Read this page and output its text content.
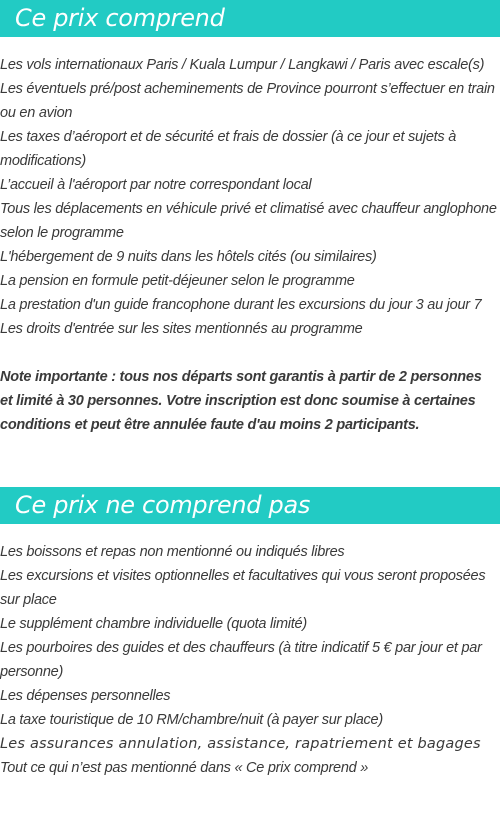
Ce prix comprend
Les vols internationaux Paris / Kuala Lumpur / Langkawi / Paris avec escale(s)
Les éventuels pré/post acheminements de Province pourront s’effectuer en train ou en avion
Les taxes d’aéroport et de sécurité et frais de dossier (à ce jour et sujets à modifications)
L’accueil à l'aéroport par notre correspondant local
Tous les déplacements en véhicule privé et climatisé avec chauffeur anglophone selon le programme
L'hébergement de 9 nuits dans les hôtels cités (ou similaires)
La pension en formule petit-déjeuner selon le programme
La prestation d'un guide francophone durant les excursions du jour 3 au jour 7
Les droits d'entrée sur les sites mentionnés au programme

Note importante : tous nos départs sont garantis à partir de 2 personnes et limité à 30 personnes. Votre inscription est donc soumise à certaines conditions et peut être annulée faute d'au moins 2 participants.

Ce prix ne comprend pas
Les boissons et repas non mentionné ou indiqués libres
Les excursions et visites optionnelles et facultatives qui vous seront proposées sur place
Le supplément chambre individuelle (quota limité)
Les pourboires des guides et des chauffeurs (à titre indicatif 5 € par jour et par personne)
Les dépenses personnelles
La taxe touristique de 10 RM/chambre/nuit (à payer sur place)
Les assurances annulation, assistance, rapatriement et bagages
Tout ce qui n’est pas mentionné dans « Ce prix comprend »
